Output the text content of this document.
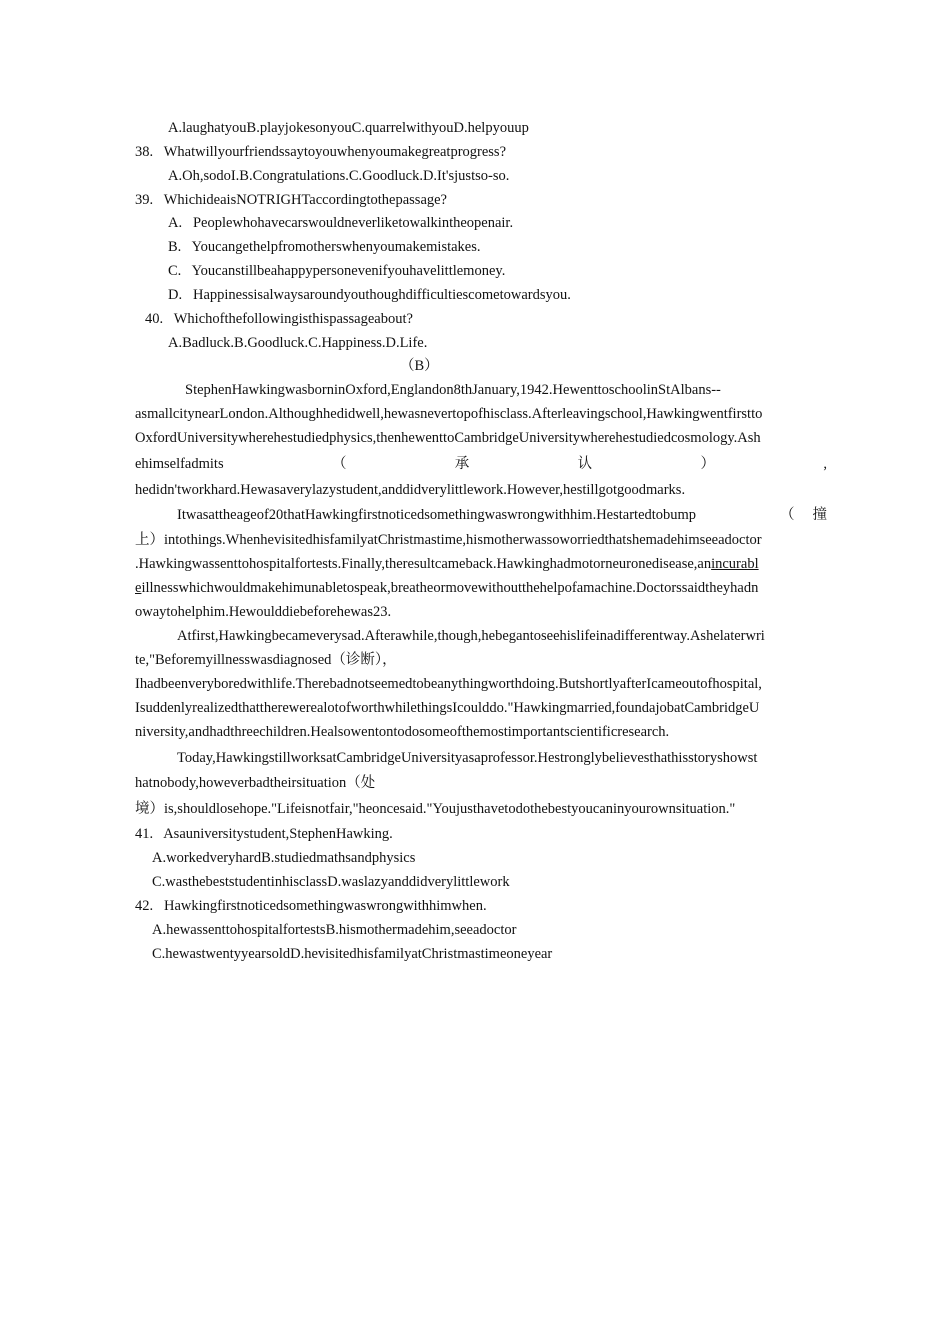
A.laughatyouB.playjokesonyouC.quarrelwithyouD.helpyouup
38. Whatwillyourfriendssaytoyouwhenyoumakegreatprogress?
A.Oh,sodoI.B.Congratulations.C.Goodluck.D.It'sjustso-so.
39. WhichideaisNOTRIGHTaccordingtothepassage?
A. Peoplewhohavecarswouldneverliketowalkintheopenair.
B. Youcangethelpfromotherswhenyoumakemistakes.
C. Youcanstillbeahappypersonevenifyouhavelittlemoney.
D. Happinessisalwaysaroundyouthoughdifficultiescometowardsyou.
40. Whichofthefollowingisthispassageabout?
A.Badluck.B.Goodluck.C.Happiness.D.Life.
（B）
StephenHawkingwasborninOxford,Englandon8thJanuary,1942.HewenttoschoolinStAlbans--
asmallcitynearLondon.Althoughhedidwell,hewasnevertopofhisclass.Afterleavingschool,Hawkingwentfirstto
OxfordUniversitywherehestudiedphysics,thenhewenttoCambridgeUniversitywherehestudiedcosmology.Ash
ehimselfadmits	（	承	认	）	,
hedidn'tworkhard.Hewasaverylazystudent,anddidverylittlework.However,hestillgotgoodmarks.
Itwasattheageof20thatHawkingfirstnoticedsomethingwaswrongwithhim.Hestartedtobump	（ 撞
上）intothings.WhenhevisitedhisfamilyatChristmastime,hismotherwassoworriedthatshemadehimseeadoctor
.Hawkingwassenttohospitalfortests.Finally,theresultcameback.Hawkinghadmotorneuronedisease,anincurabl
eillnesswhichwouldmakehimunabletospeak,breatheormovewithoutthehelpofamachine.Doctorssaidtheyhadn
owaytohelphim.Hewoulddiebeforehewas23.
Atfirst,Hawkingbecameverysad.Afterawhile,though,hebegantoseehislifeinadifferentway.Ashelaterwri
te,"Beforemyillnesswasdiagnosed（诊断），
Ihadbeenveryboredwithlife.Therebadnotseemedtobeanythingworthdoing.ButshortlyafterIcameoutofhospital,
IsuddenlyrealizedthattherewerealotofworthwhilethingsIcoulddo."Hawkingmarried,foundajobatCambridgeU
niversity,andhadthreechildren.Healsowentontodosomeofthemostimportantscientificresearch.
Today,HawkingstillworksatCambridgeUniversityasaprofessor.Hestronglybelievesthathisstoryshowst
hatnobody,howeverbadtheirsituation（处
境）is,shouldlosehope."Lifeisnotfair,"heoncesaid."Youjusthavetodothebestyoucaninyourownsituation."
41. Asauniversitystudent,StephenHawking.
A.workedveryhardB.studiedmathsandphysics
C.wasthebeststudentinhisclassD.waslazyanddidverylittlework
42. Hawkingfirstnoticedsomethingwaswrongwithhimwhen.
A.hewassenttohospitalfortestsB.hismothermadehim,seeadoctor
C.hewastwentyyearsoldD.hevisitedhisfamilyatChristmastimeoneyear
